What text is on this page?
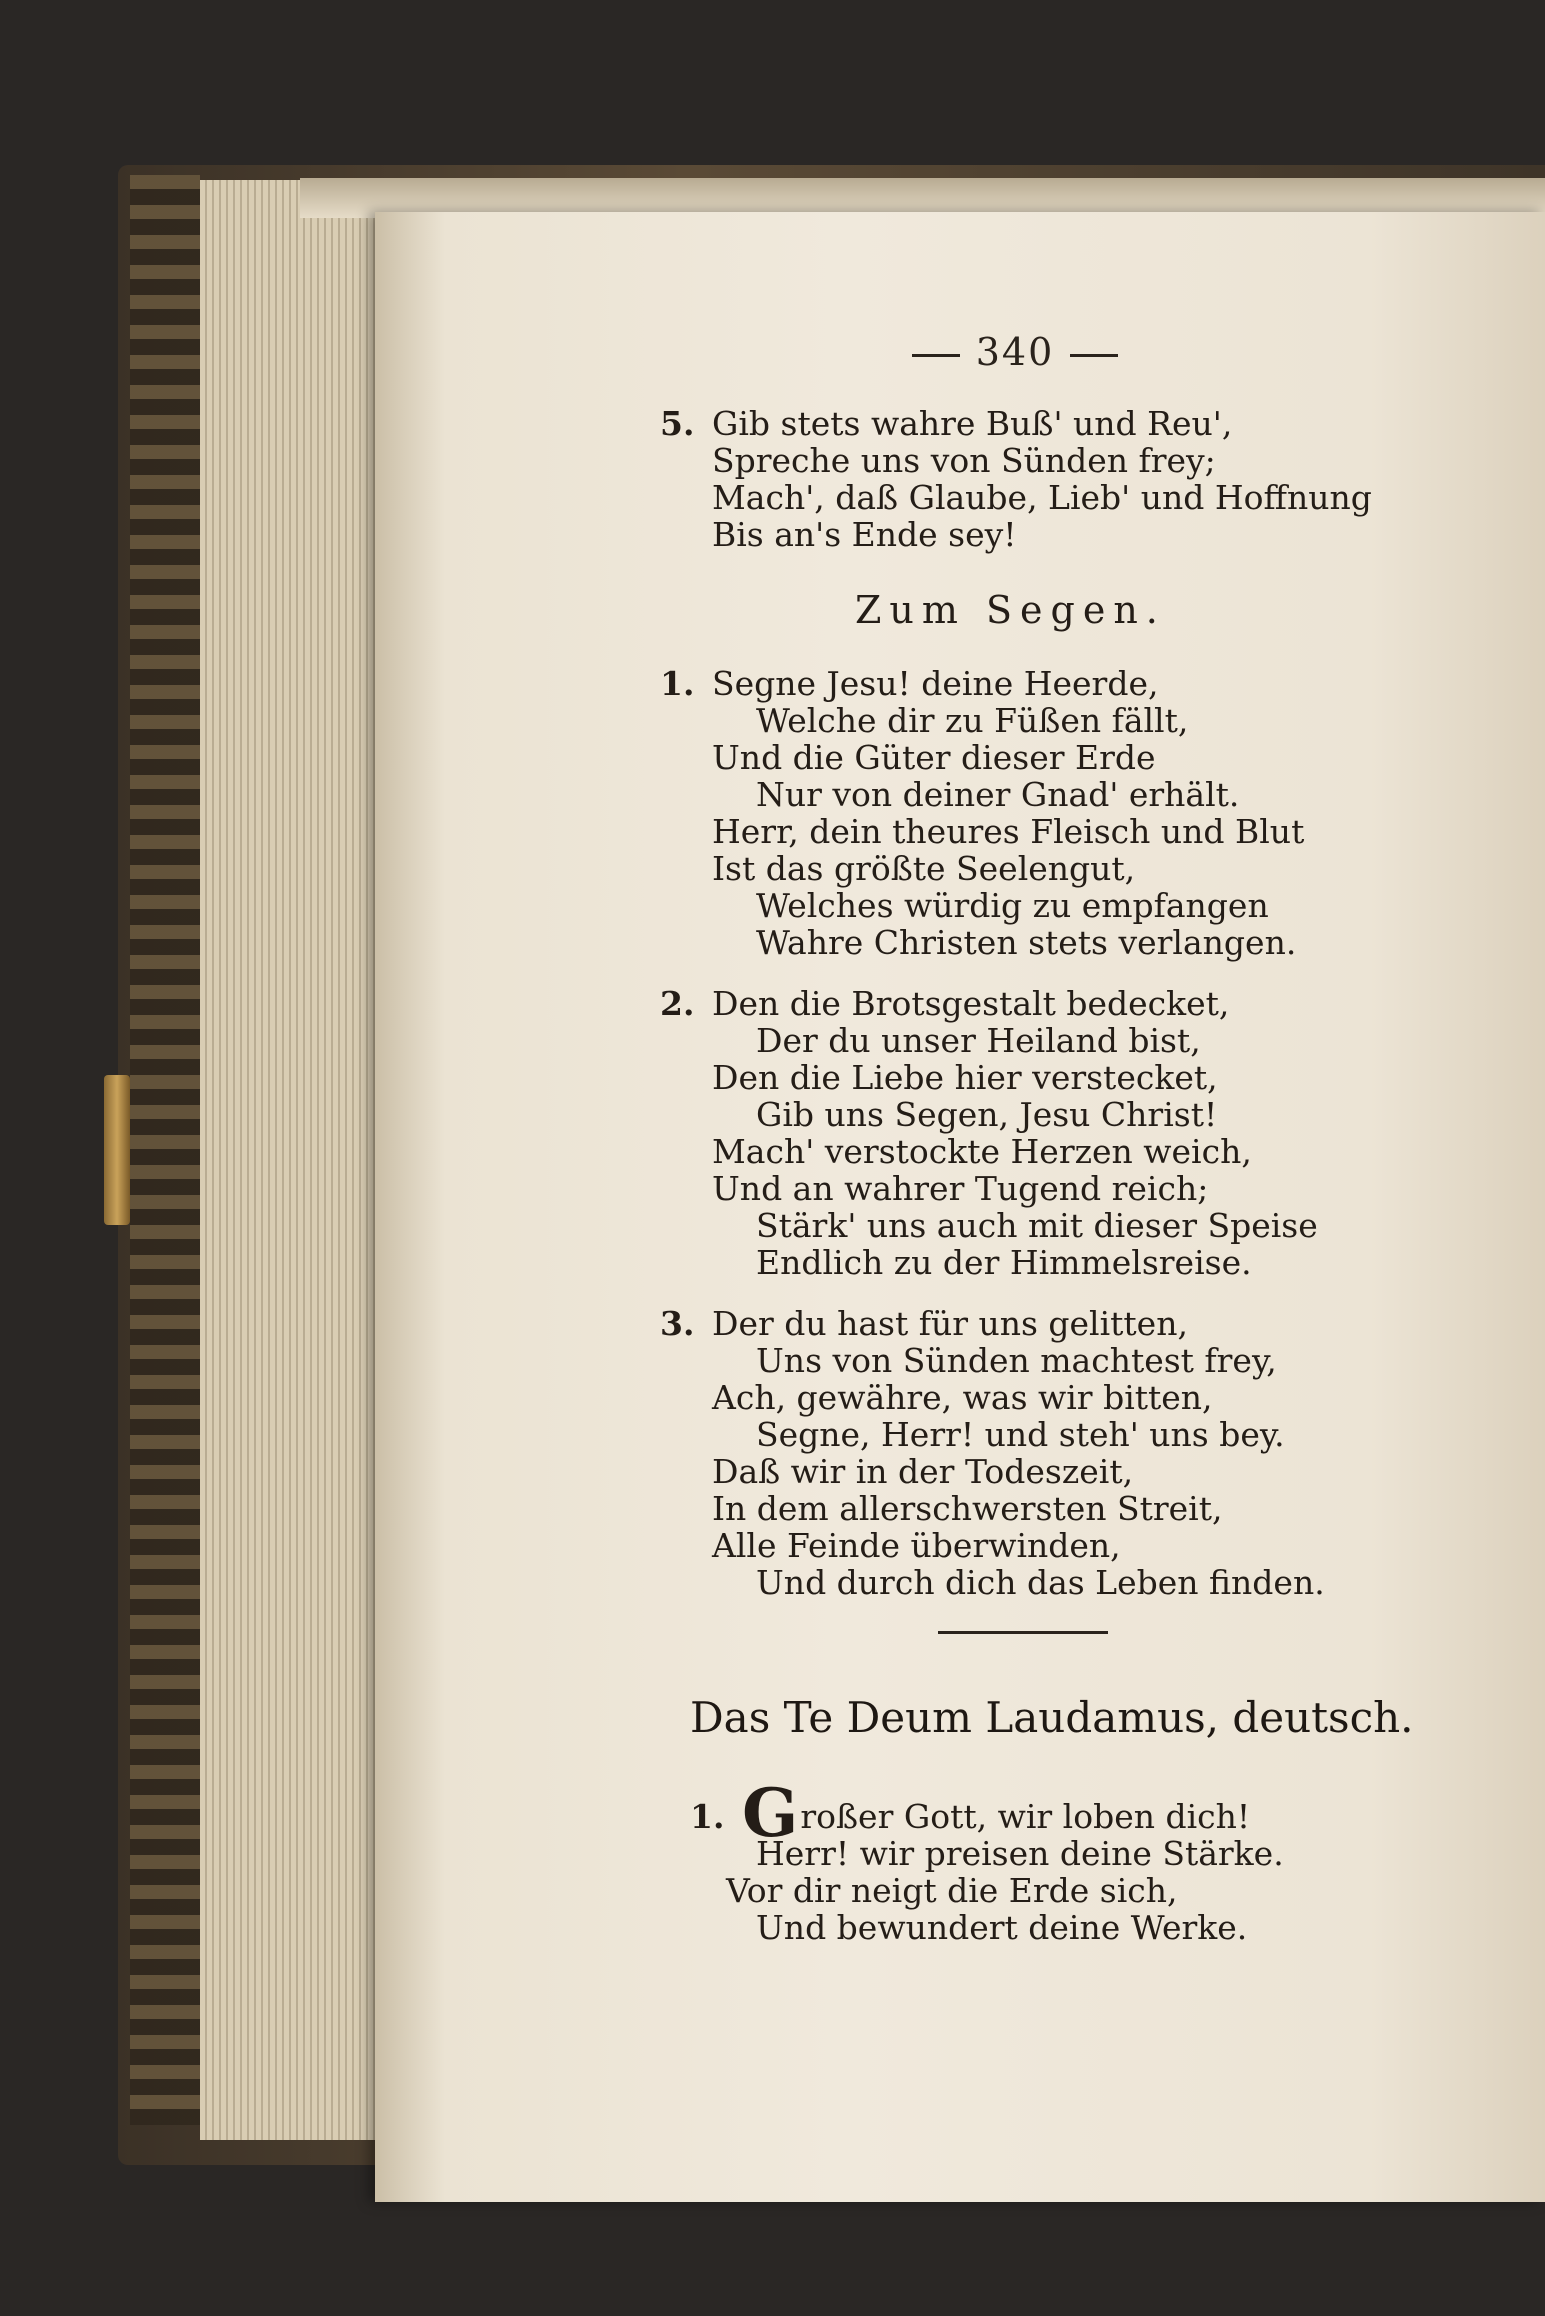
340
5. Gib stets wahre Buß' und Reu',
Spreche uns von Sünden frey;
Mach', daß Glaube, Lieb' und Hoffnung
Bis an's Ende sey!
Zum Segen.
1. Segne Jesu! deine Heerde,
Welche dir zu Füßen fällt,
Und die Güter dieser Erde
Nur von deiner Gnad' erhält.
Herr, dein theures Fleisch und Blut
Ist das größte Seelengut,
Welches würdig zu empfangen
Wahre Christen stets verlangen.
2. Den die Brotsgestalt bedecket,
Der du unser Heiland bist,
Den die Liebe hier verstecket,
Gib uns Segen, Jesu Christ!
Mach' verstockte Herzen weich,
Und an wahrer Tugend reich;
Stärk' uns auch mit dieser Speise
Endlich zu der Himmelsreise.
3. Der du hast für uns gelitten,
Uns von Sünden machtest frey,
Ach, gewähre, was wir bitten,
Segne, Herr! und steh' uns bey.
Daß wir in der Todeszeit,
In dem allerschwersten Streit,
Alle Feinde überwinden,
Und durch dich das Leben finden.
Das Te Deum Laudamus, deutsch.
1. Großer Gott, wir loben dich!
Herr! wir preisen deine Stärke.
Vor dir neigt die Erde sich,
Und bewundert deine Werke.
